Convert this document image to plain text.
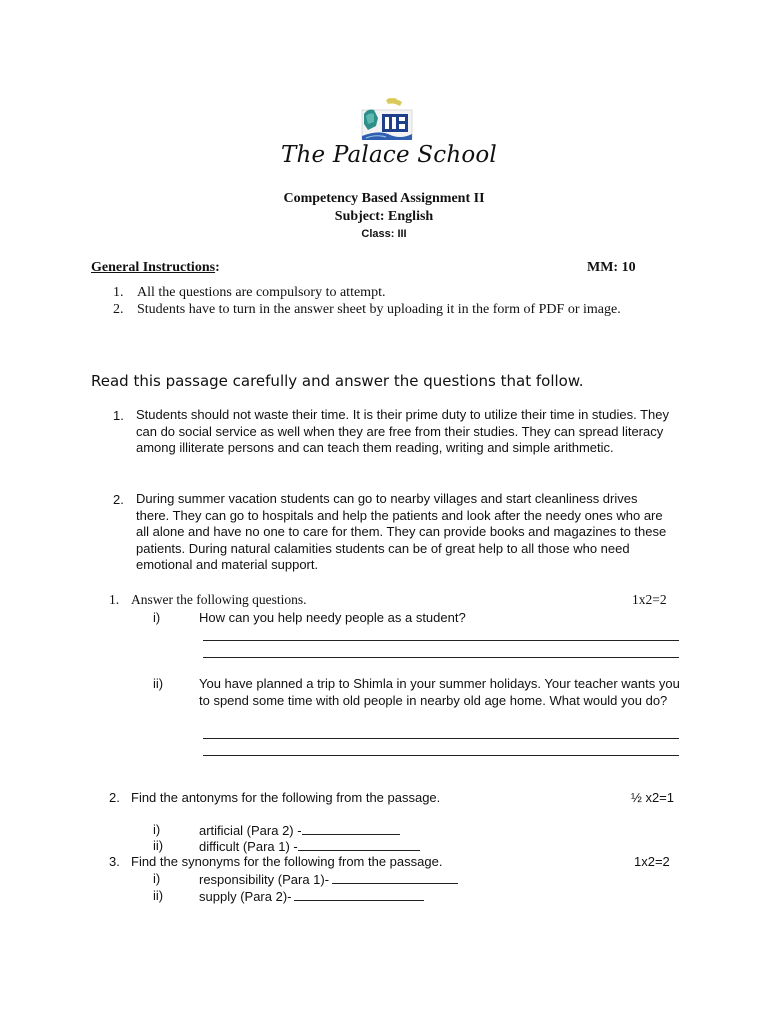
The Palace School
Competency Based Assignment II
Subject: English
Class: III
General Instructions:	MM: 10
1. All the questions are compulsory to attempt.
2. Students have to turn in the answer sheet by uploading it in the form of PDF or image.
Read this passage carefully and answer the questions that follow.
1. Students should not waste their time. It is their prime duty to utilize their time in studies. They can do social service as well when they are free from their studies. They can spread literacy among illiterate persons and can teach them reading, writing and simple arithmetic.
2. During summer vacation students can go to nearby villages and start cleanliness drives there. They can go to hospitals and help the patients and look after the needy ones who are all alone and have no one to care for them. They can provide books and magazines to these patients. During natural calamities students can be of great help to all those who need emotional and material support.
1. Answer the following questions.	1x2=2
i)	How can you help needy people as a student?
ii)	You have planned a trip to Shimla in your summer holidays. Your teacher wants you to spend some time with old people in nearby old age home. What would you do?
2. Find the antonyms for the following from the passage.	½ x2=1
i)	artificial (Para 2) -
ii)	difficult (Para 1) -
3. Find the synonyms for the following from the passage.	1x2=2
i)	responsibility (Para 1)-
ii)	supply (Para 2)-
